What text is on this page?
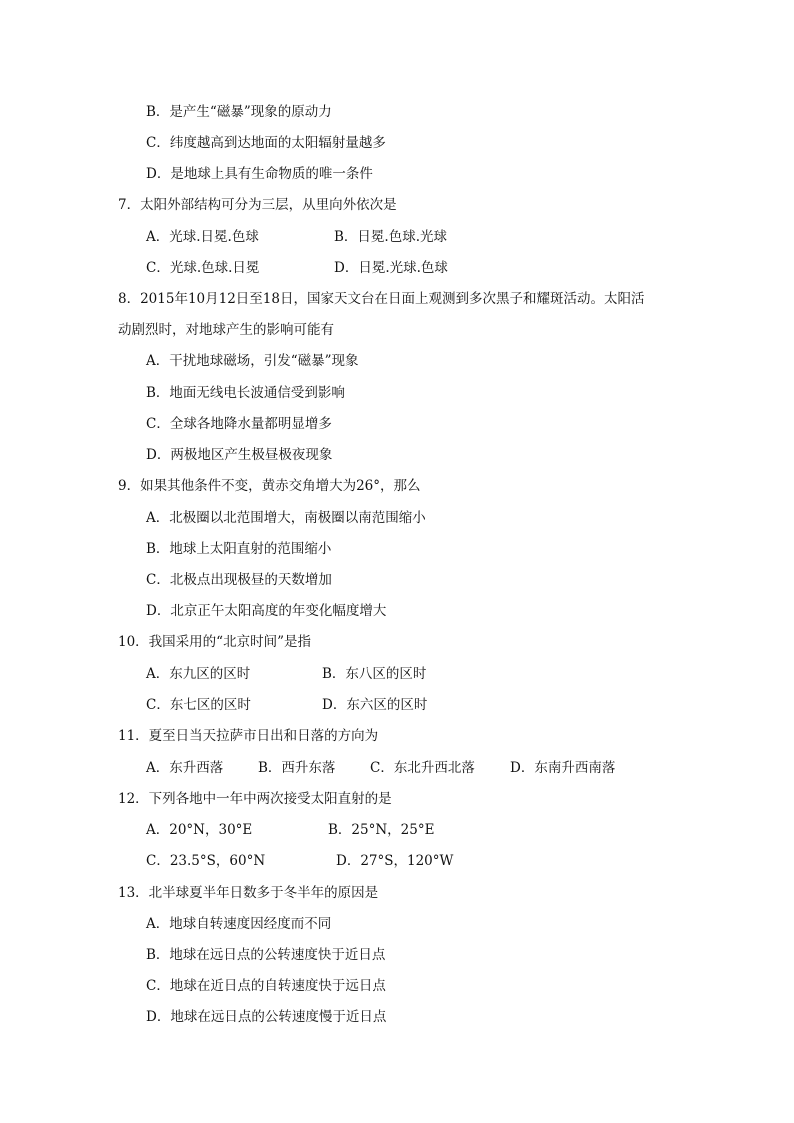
B．是产生“磁暴”现象的原动力
C．纬度越高到达地面的太阳辐射量越多
D．是地球上具有生命物质的唯一条件
7．太阳外部结构可分为三层，从里向外依次是
A．光球.日冕.色球	B．日冕.色球.光球
C．光球.色球.日冕	D．日冕.光球.色球
8．2015年10月12日至18日，国家天文台在日面上观测到多次黑子和耀斑活动。太阳活
动剧烈时，对地球产生的影响可能有
A．干扰地球磁场，引发“磁暴”现象
B．地面无线电长波通信受到影响
C．全球各地降水量都明显增多
D．两极地区产生极昼极夜现象
9．如果其他条件不变，黄赤交角增大为26°，那么
A．北极圈以北范围增大，南极圈以南范围缩小
B．地球上太阳直射的范围缩小
C．北极点出现极昼的天数增加
D．北京正午太阳高度的年变化幅度增大
10．我国采用的“北京时间”是指
A．东九区的区时	B．东八区的区时
C．东七区的区时	D．东六区的区时
11．夏至日当天拉萨市日出和日落的方向为
A．东升西落	B．西升东落	C．东北升西北落	D．东南升西南落
12．下列各地中一年中两次接受太阳直射的是
A．20°N，30°E	B．25°N，25°E
C．23.5°S，60°N	D．27°S，120°W
13．北半球夏半年日数多于冬半年的原因是
A．地球自转速度因经度而不同
B．地球在远日点的公转速度快于近日点
C．地球在近日点的自转速度快于远日点
D．地球在远日点的公转速度慢于近日点
